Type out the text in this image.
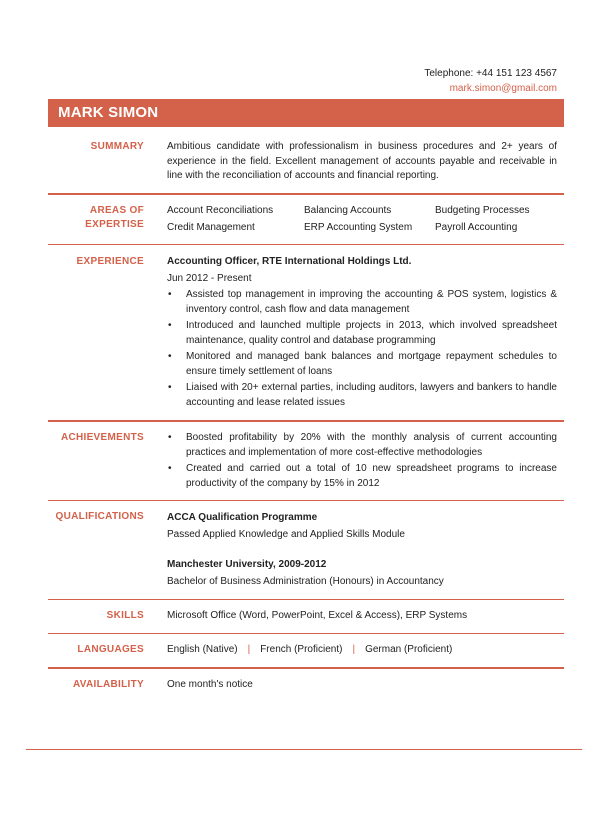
Telephone: +44 151 123 4567
mark.simon@gmail.com
MARK SIMON
SUMMARY Ambitious candidate with professionalism in business procedures and 2+ years of experience in the field. Excellent management of accounts payable and receivable in line with the reconciliation of accounts and financial reporting.
AREAS OF
EXPERTISE
Account Reconciliations	Balancing Accounts	Budgeting Processes
Credit Management	ERP Accounting System	Payroll Accounting
EXPERIENCE Accounting Officer, RTE International Holdings Ltd.
Jun 2012 - Present
• Assisted top management in improving the accounting & POS system, logistics & inventory control, cash flow and data management
• Introduced and launched multiple projects in 2013, which involved spreadsheet maintenance, quality control and database programming
• Monitored and managed bank balances and mortgage repayment schedules to ensure timely settlement of loans
• Liaised with 20+ external parties, including auditors, lawyers and bankers to handle accounting and lease related issues
ACHIEVEMENTS
•	Boosted profitability by 20% with the monthly analysis of current accounting practices and implementation of more cost-effective methodologies
• Created and carried out a total of 10 new spreadsheet programs to increase productivity of the company by 15% in 2012
QUALIFICATIONS ACCA Qualification Programme
Passed Applied Knowledge and Applied Skills Module
Manchester University, 2009-2012
Bachelor of Business Administration (Honours) in Accountancy
SKILLS Microsoft Office (Word, PowerPoint, Excel & Access), ERP Systems
LANGUAGES English (Native) | French (Proficient) | German (Proficient)
AVAILABILITY One month's notice
